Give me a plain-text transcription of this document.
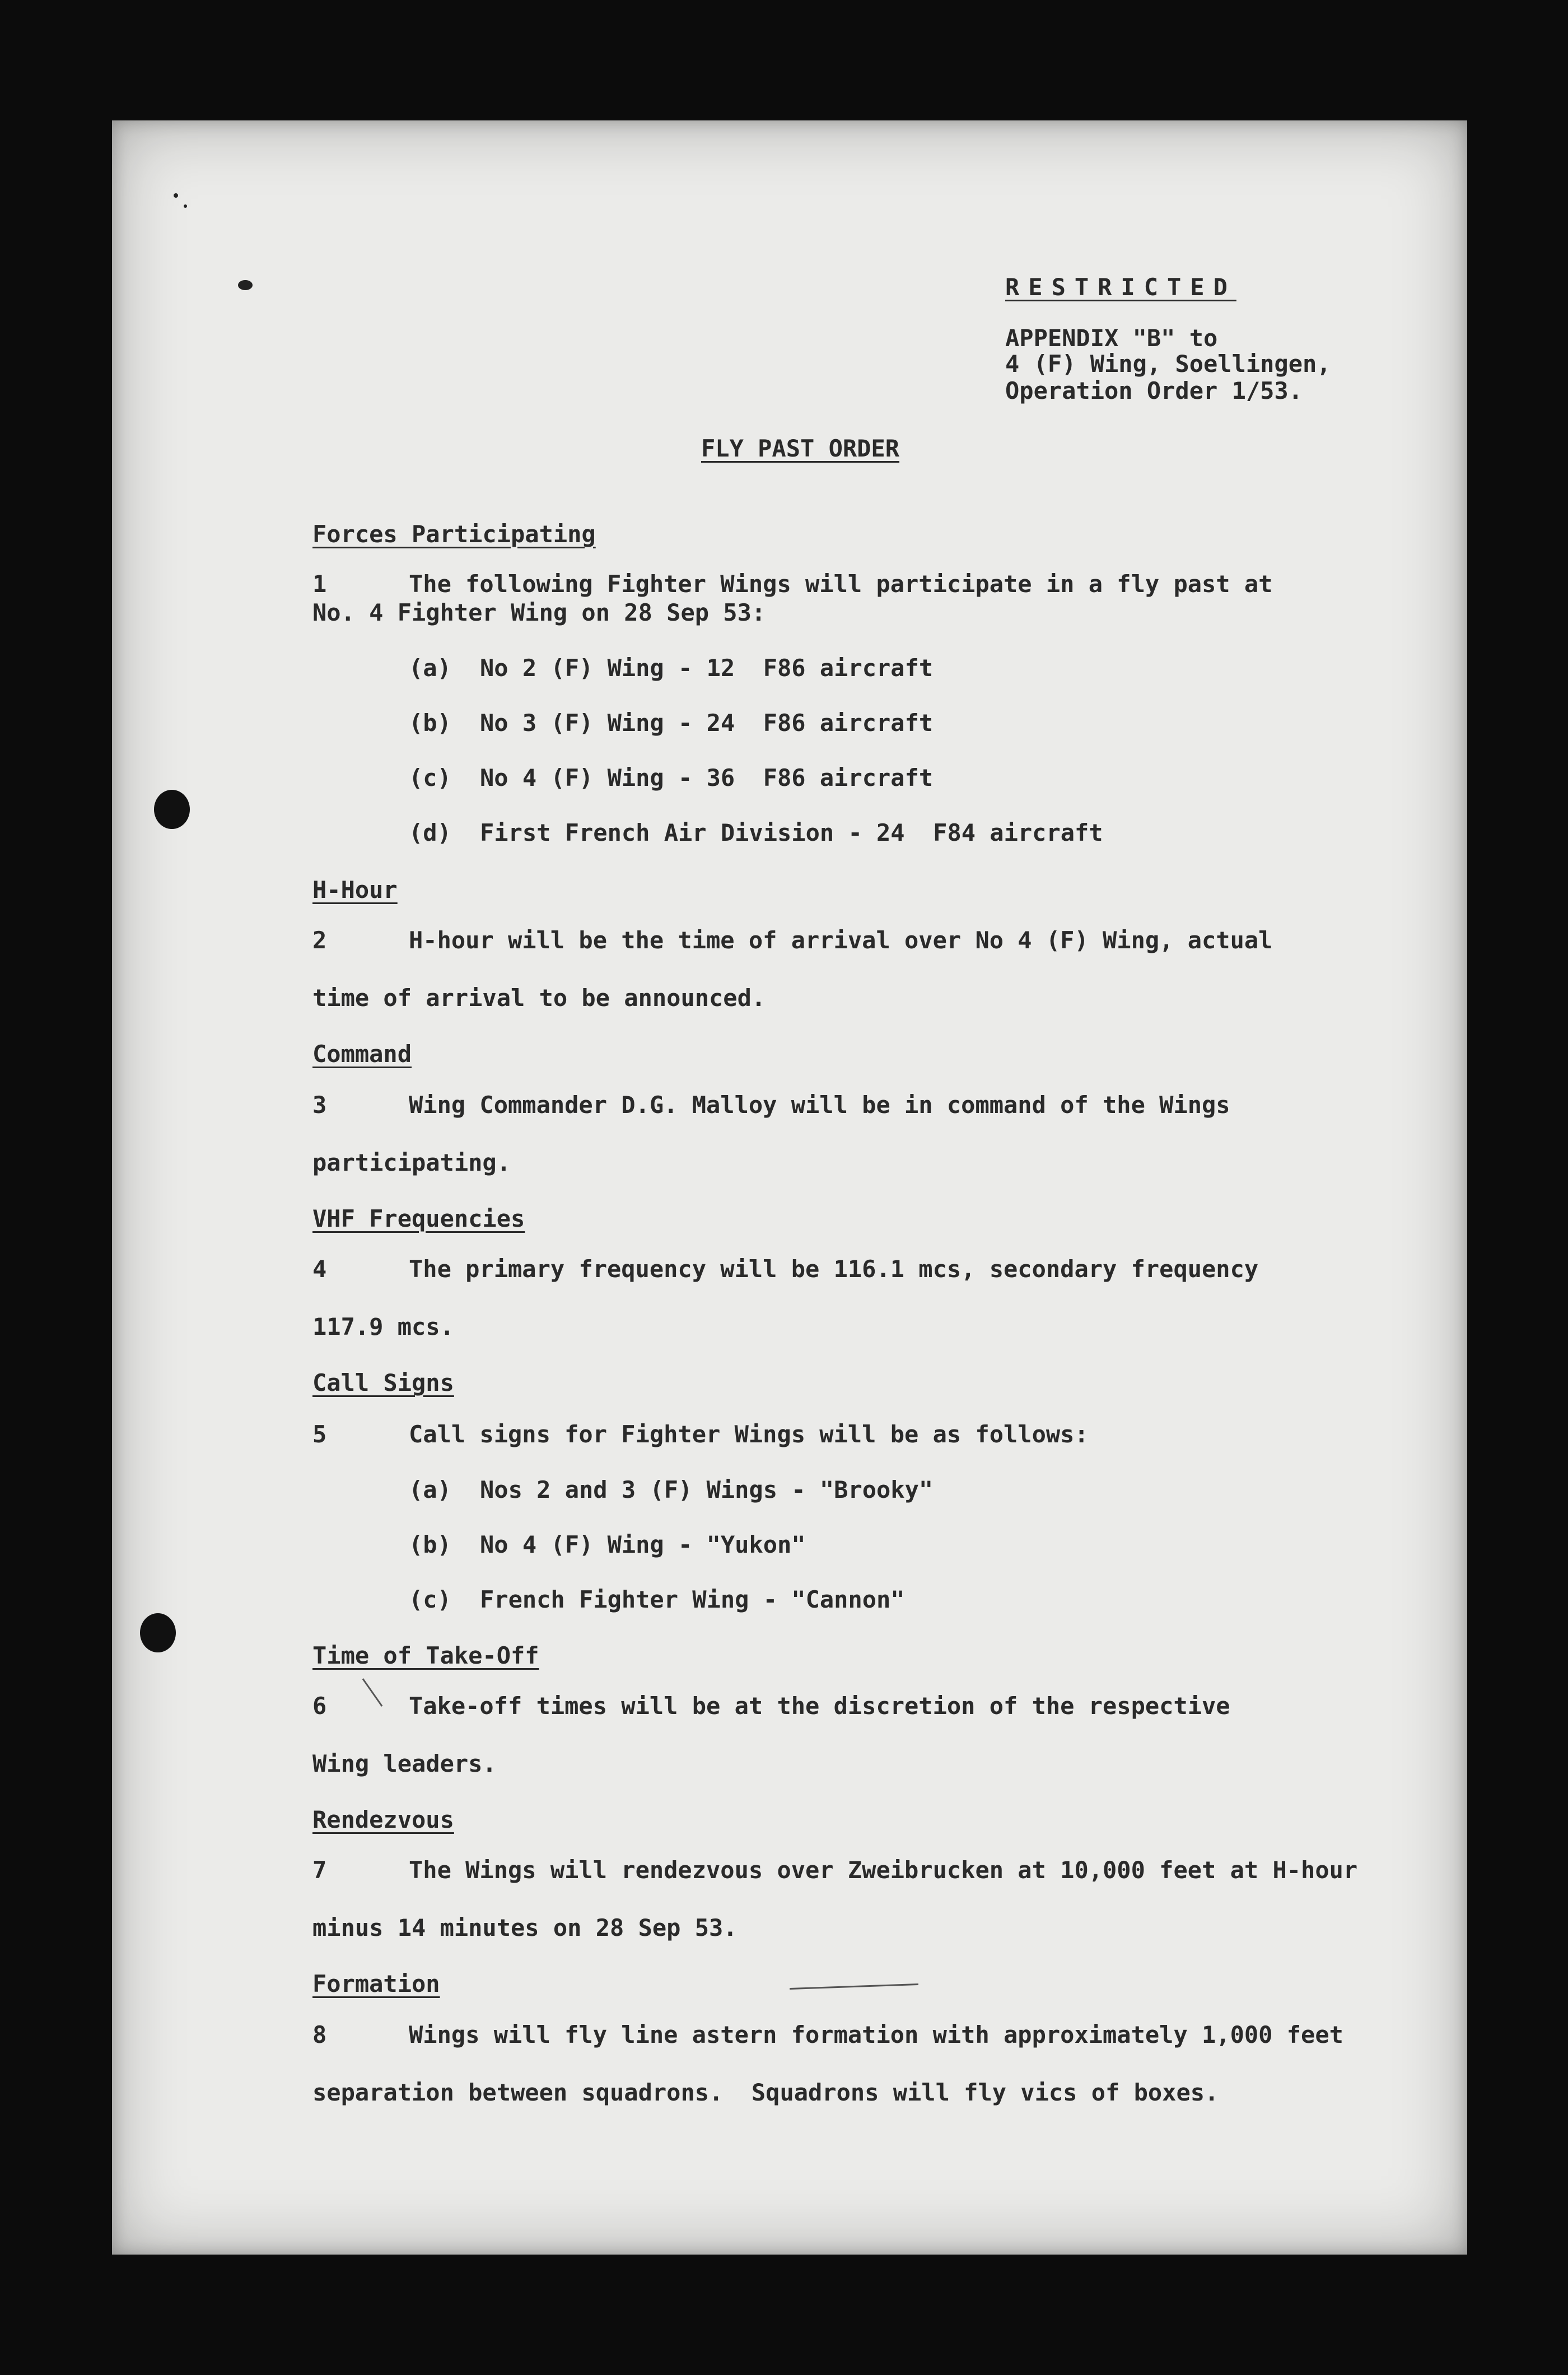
RESTRICTED
APPENDIX "B" to
4 (F) Wing, Soellingen,
Operation Order 1/53.
FLY PAST ORDER
Forces Participating
1	The following Fighter Wings will participate in a fly past at
No. 4 Fighter Wing on 28 Sep 53:
(a) No 2 (F) Wing - 12  F86 aircraft
(b) No 3 (F) Wing - 24  F86 aircraft
(c) No 4 (F) Wing - 36  F86 aircraft
(d) First French Air Division - 24  F84 aircraft
H-Hour
2	H-hour will be the time of arrival over No 4 (F) Wing, actual
time of arrival to be announced.
Command
3	Wing Commander D.G. Malloy will be in command of the Wings
participating.
VHF Frequencies
4	The primary frequency will be 116.1 mcs, secondary frequency
117.9 mcs.
Call Signs
5	Call signs for Fighter Wings will be as follows:
(a) Nos 2 and 3 (F) Wings - "Brooky"
(b) No 4 (F) Wing - "Yukon"
(c) French Fighter Wing - "Cannon"
Time of Take-Off
6	Take-off times will be at the discretion of the respective
Wing leaders.
Rendezvous
7	The Wings will rendezvous over Zweibrucken at 10,000 feet at H-hour
minus 14 minutes on 28 Sep 53.
Formation
8	Wings will fly line astern formation with approximately 1,000 feet
separation between squadrons.  Squadrons will fly vics of boxes.
